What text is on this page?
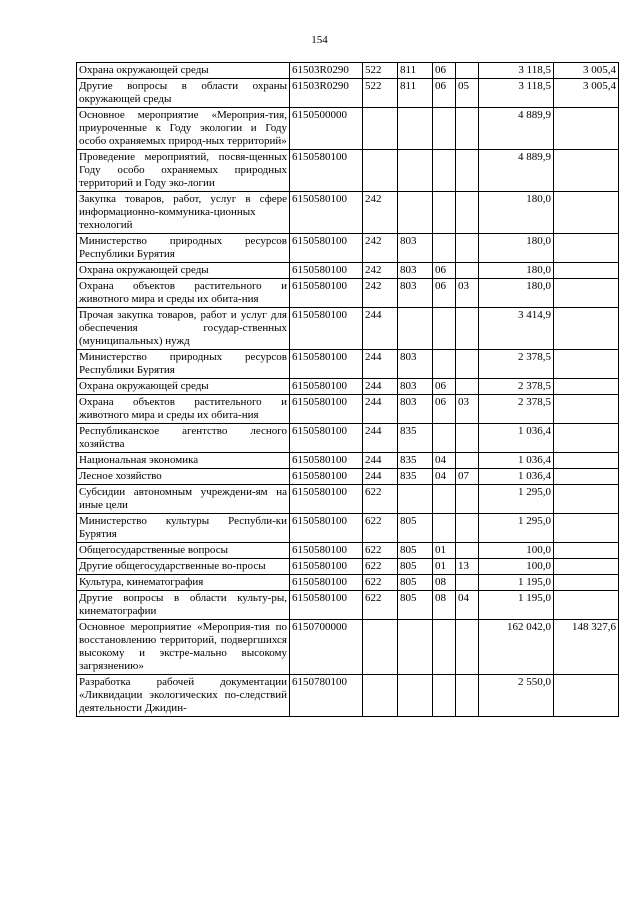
154
Охрана окружающей среды	61503R0290	522	811	06		3 118,5	3 005,4
Другие вопросы в области охраны окружающей среды	61503R0290	522	811	06	05	3 118,5	3 005,4
Основное мероприятие «Мероприя-тия, приуроченные к Году экологии и Году особо охраняемых природ-ных территорий»	6150500000					4 889,9	
Проведение мероприятий, посвя-щенных Году особо охраняемых природных территорий и Году эко-логии	6150580100					4 889,9	
Закупка товаров, работ, услуг в сфере информационно-коммуника-ционных технологий	6150580100	242				180,0	
Министерство природных ресурсов Республики Бурятия	6150580100	242	803			180,0	
Охрана окружающей среды	6150580100	242	803	06		180,0	
Охрана объектов растительного и животного мира и среды их обита-ния	6150580100	242	803	06	03	180,0	
Прочая закупка товаров, работ и услуг для обеспечения государ-ственных (муниципальных) нужд	6150580100	244				3 414,9	
Министерство природных ресурсов Республики Бурятия	6150580100	244	803			2 378,5	
Охрана окружающей среды	6150580100	244	803	06		2 378,5	
Охрана объектов растительного и животного мира и среды их обита-ния	6150580100	244	803	06	03	2 378,5	
Республиканское агентство лесного хозяйства	6150580100	244	835			1 036,4	
Национальная экономика	6150580100	244	835	04		1 036,4	
Лесное хозяйство	6150580100	244	835	04	07	1 036,4	
Субсидии автономным учреждени-ям на иные цели	6150580100	622				1 295,0	
Министерство культуры Республи-ки Бурятия	6150580100	622	805			1 295,0	
Общегосударственные вопросы	6150580100	622	805	01		100,0	
Другие общегосударственные во-просы	6150580100	622	805	01	13	100,0	
Культура, кинематография	6150580100	622	805	08		1 195,0	
Другие вопросы в области культу-ры, кинематографии	6150580100	622	805	08	04	1 195,0	
Основное мероприятие «Мероприя-тия по восстановлению территорий, подвергшихся высокому и экстре-мально высокому загрязнению»	6150700000					162 042,0	148 327,6
Разработка рабочей документации «Ликвидации экологических по-следствий деятельности Джидин-	6150780100					2 550,0	
